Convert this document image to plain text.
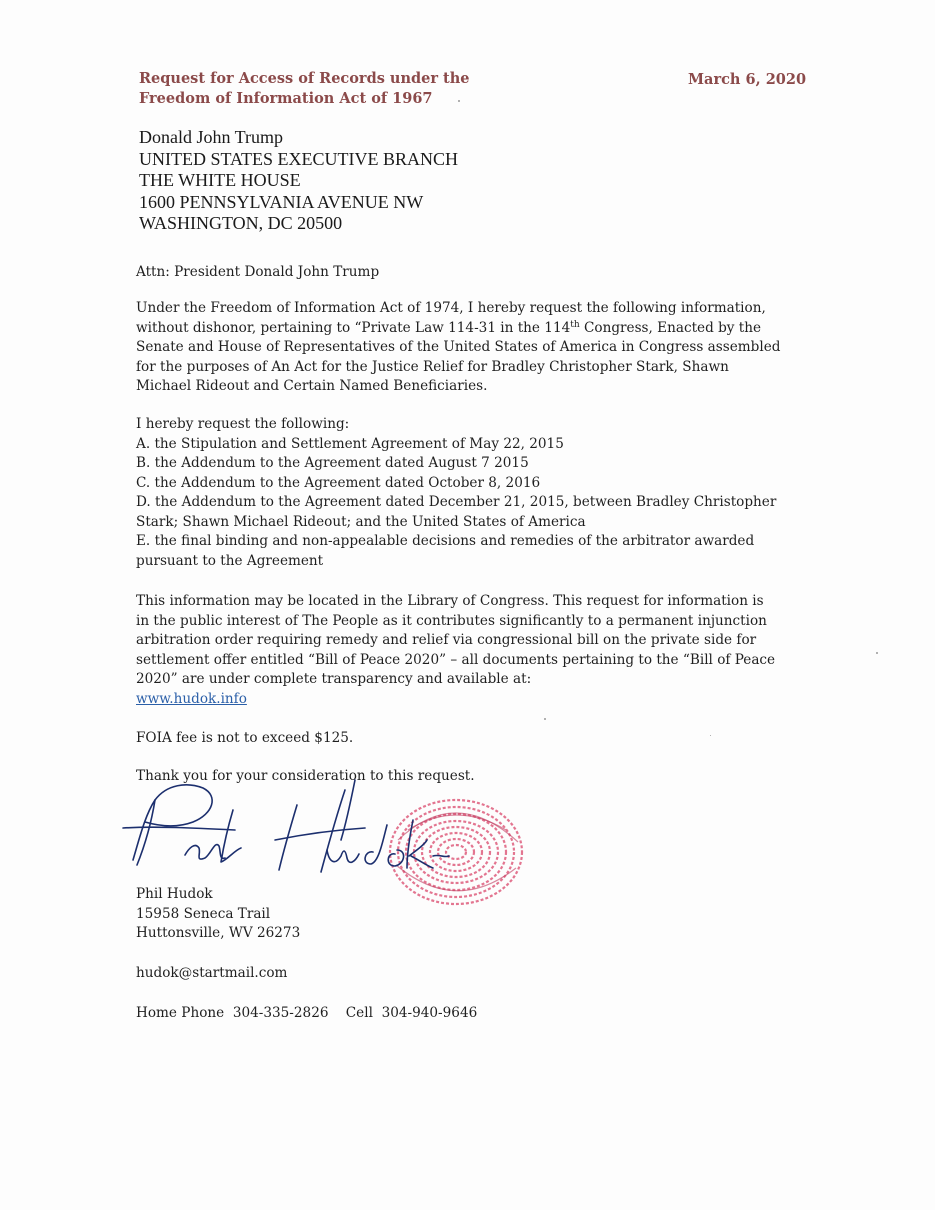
Request for Access of Records under the
Freedom of Information Act of 1967
March 6, 2020
Donald John Trump
UNITED STATES EXECUTIVE BRANCH
THE WHITE HOUSE
1600 PENNSYLVANIA AVENUE NW
WASHINGTON, DC 20500
Attn: President Donald John Trump
Under the Freedom of Information Act of 1974, I hereby request the following information,
without dishonor, pertaining to “Private Law 114-31 in the 114th Congress, Enacted by the
Senate and House of Representatives of the United States of America in Congress assembled
for the purposes of An Act for the Justice Relief for Bradley Christopher Stark, Shawn
Michael Rideout and Certain Named Beneficiaries.
I hereby request the following:
A. the Stipulation and Settlement Agreement of May 22, 2015
B. the Addendum to the Agreement dated August 7 2015
C. the Addendum to the Agreement dated October 8, 2016
D. the Addendum to the Agreement dated December 21, 2015, between Bradley Christopher
Stark; Shawn Michael Rideout; and the United States of America
E. the final binding and non-appealable decisions and remedies of the arbitrator awarded
pursuant to the Agreement
This information may be located in the Library of Congress. This request for information is
in the public interest of The People as it contributes significantly to a permanent injunction
arbitration order requiring remedy and relief via congressional bill on the private side for
settlement offer entitled “Bill of Peace 2020” – all documents pertaining to the “Bill of Peace
2020” are under complete transparency and available at:
www.hudok.info
FOIA fee is not to exceed $125.
Thank you for your consideration to this request.
Phil Hudok
15958 Seneca Trail
Huttonsville, WV 26273
hudok@startmail.com
Home Phone  304-335-2826    Cell  304-940-9646
